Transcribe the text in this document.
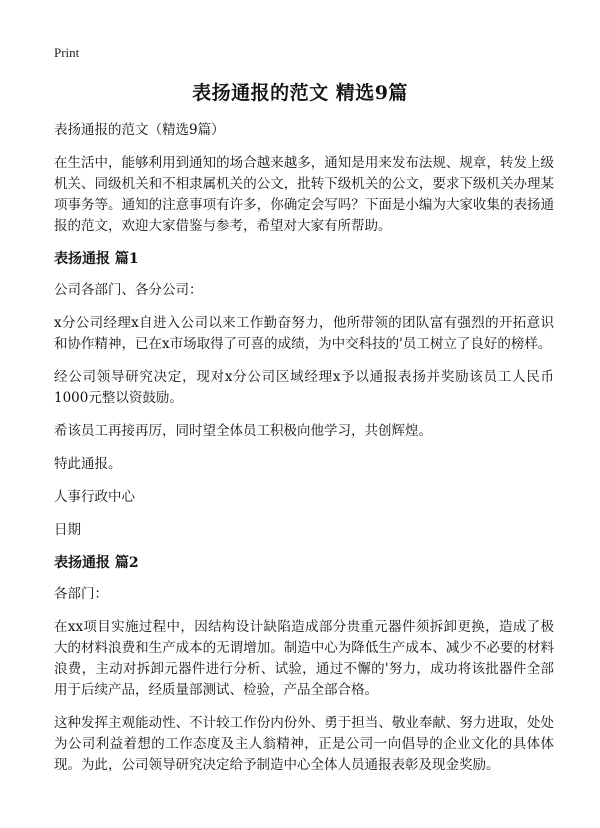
Print
表扬通报的范文 精选9篇

表扬通报的范文（精选9篇）

在生活中，能够利用到通知的场合越来越多，通知是用来发布法规、规章，转发上级机关、同级机关和不相隶属机关的公文，批转下级机关的公文，要求下级机关办理某项事务等。通知的注意事项有许多，你确定会写吗？下面是小编为大家收集的表扬通报的范文，欢迎大家借鉴与参考，希望对大家有所帮助。

表扬通报 篇1

公司各部门、各分公司：

x分公司经理x自进入公司以来工作勤奋努力，他所带领的团队富有强烈的开拓意识和协作精神，已在x市场取得了可喜的成绩，为中交科技的'员工树立了良好的榜样。

经公司领导研究决定，现对x分公司区域经理x予以通报表扬并奖励该员工人民币1000元整以资鼓励。

希该员工再接再厉，同时望全体员工积极向他学习，共创辉煌。

特此通报。

人事行政中心

日期

表扬通报 篇2

各部门：

在xx项目实施过程中，因结构设计缺陷造成部分贵重元器件须拆卸更换，造成了极大的材料浪费和生产成本的无谓增加。制造中心为降低生产成本、减少不必要的材料浪费，主动对拆卸元器件进行分析、试验，通过不懈的'努力，成功将该批器件全部用于后续产品，经质量部测试、检验，产品全部合格。

这种发挥主观能动性、不计较工作份内份外、勇于担当、敬业奉献、努力进取，处处为公司利益着想的工作态度及主人翁精神，正是公司一向倡导的企业文化的具体体现。为此，公司领导研究决定给予制造中心全体人员通报表彰及现金奖励。
